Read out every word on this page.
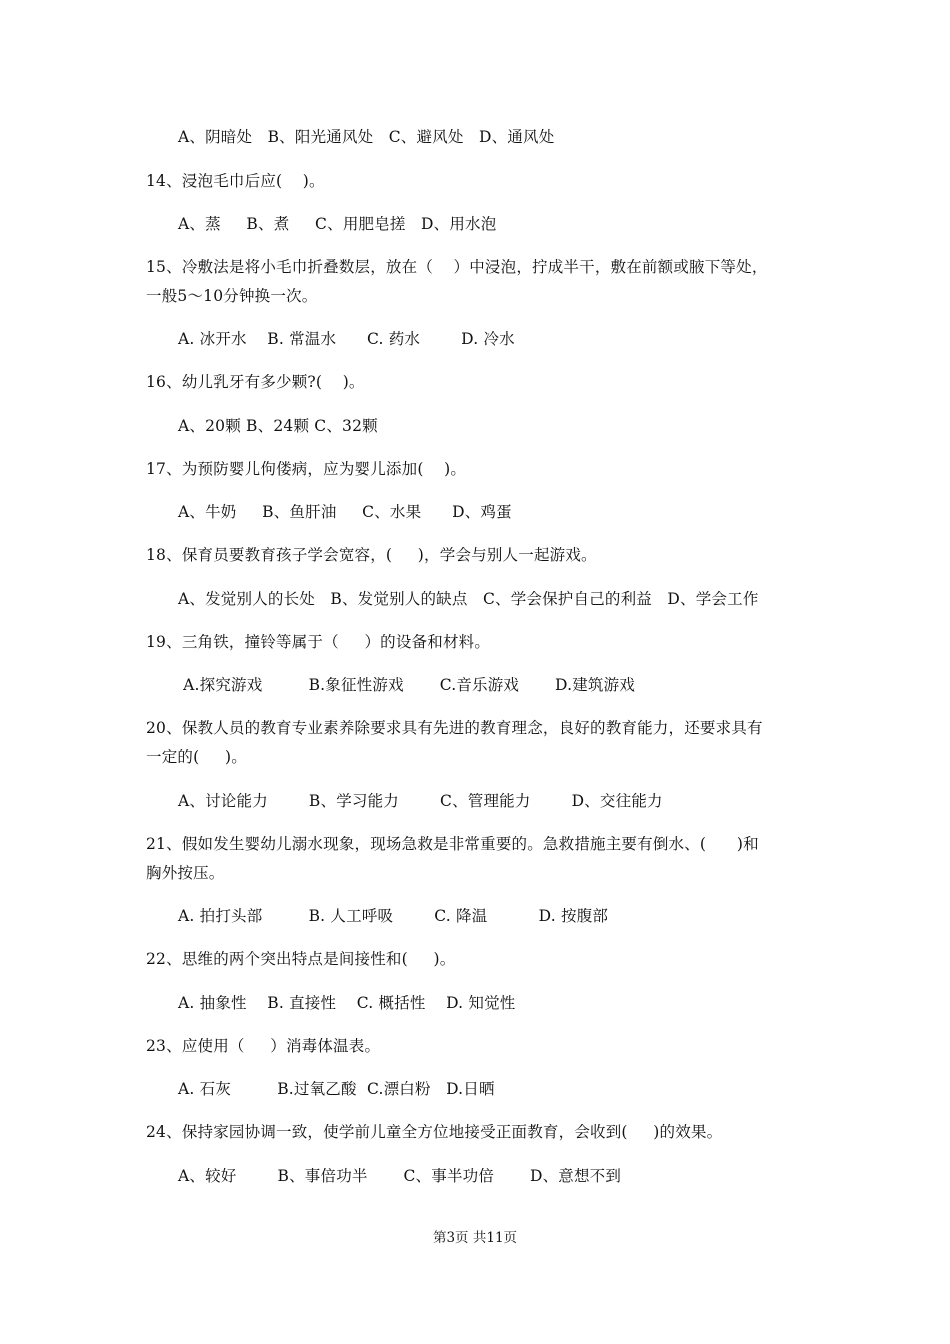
A、阴暗处   B、阳光通风处   C、避风处   D、通风处
14、浸泡毛巾后应(    )。
A、蒸     B、煮     C、用肥皂搓   D、用水泡
15、冷敷法是将小毛巾折叠数层，放在（    ）中浸泡，拧成半干，敷在前额或腋下等处，
一般5～10分钟换一次。
A. 冰开水    B. 常温水      C. 药水        D. 冷水
16、幼儿乳牙有多少颗?(    )。
A、20颗 B、24颗 C、32颗
17、为预防婴儿佝偻病，应为婴儿添加(    )。
A、牛奶     B、鱼肝油     C、水果      D、鸡蛋
18、保育员要教育孩子学会宽容，(     )，学会与别人一起游戏。
A、发觉别人的长处   B、发觉别人的缺点   C、学会保护自己的利益   D、学会工作
19、三角铁，撞铃等属于（     ）的设备和材料。
A.探究游戏         B.象征性游戏       C.音乐游戏       D.建筑游戏
20、保教人员的教育专业素养除要求具有先进的教育理念，良好的教育能力，还要求具有
一定的(     )。
A、讨论能力        B、学习能力        C、管理能力        D、交往能力
21、假如发生婴幼儿溺水现象，现场急救是非常重要的。急救措施主要有倒水、(      )和
胸外按压。
A. 拍打头部         B. 人工呼吸        C. 降温          D. 按腹部
22、思维的两个突出特点是间接性和(     )。
A. 抽象性    B. 直接性    C. 概括性    D. 知觉性
23、应使用（     ）消毒体温表。
A. 石灰         B.过氧乙酸  C.漂白粉   D.日晒
24、保持家园协调一致，使学前儿童全方位地接受正面教育，会收到(     )的效果。
A、较好        B、事倍功半       C、事半功倍       D、意想不到
第3页 共11页
